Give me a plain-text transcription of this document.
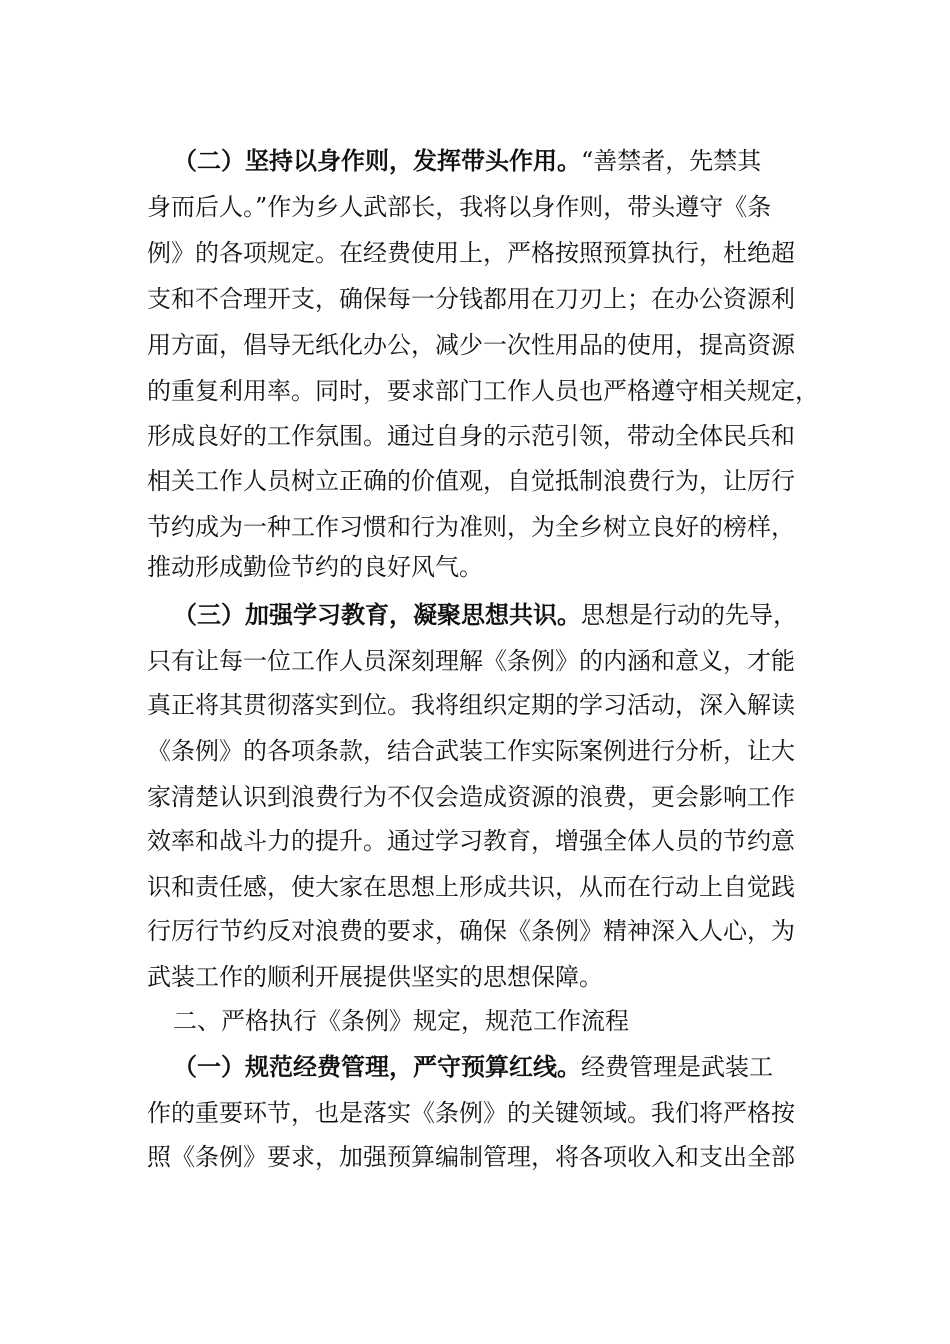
（二）坚持以身作则，发挥带头作用。“善禁者，先禁其
身而后人。”作为乡人武部长，我将以身作则，带头遵守《条
例》的各项规定。在经费使用上，严格按照预算执行，杜绝超
支和不合理开支，确保每一分钱都用在刀刃上；在办公资源利
用方面，倡导无纸化办公，减少一次性用品的使用，提高资源
的重复利用率。同时，要求部门工作人员也严格遵守相关规定，
形成良好的工作氛围。通过自身的示范引领，带动全体民兵和
相关工作人员树立正确的价值观，自觉抵制浪费行为，让厉行
节约成为一种工作习惯和行为准则，为全乡树立良好的榜样，
推动形成勤俭节约的良好风气。
（三）加强学习教育，凝聚思想共识。思想是行动的先导，
只有让每一位工作人员深刻理解《条例》的内涵和意义，才能
真正将其贯彻落实到位。我将组织定期的学习活动，深入解读
《条例》的各项条款，结合武装工作实际案例进行分析，让大
家清楚认识到浪费行为不仅会造成资源的浪费，更会影响工作
效率和战斗力的提升。通过学习教育，增强全体人员的节约意
识和责任感，使大家在思想上形成共识，从而在行动上自觉践
行厉行节约反对浪费的要求，确保《条例》精神深入人心，为
武装工作的顺利开展提供坚实的思想保障。
二、严格执行《条例》规定，规范工作流程
（一）规范经费管理，严守预算红线。经费管理是武装工
作的重要环节，也是落实《条例》的关键领域。我们将严格按
照《条例》要求，加强预算编制管理，将各项收入和支出全部
